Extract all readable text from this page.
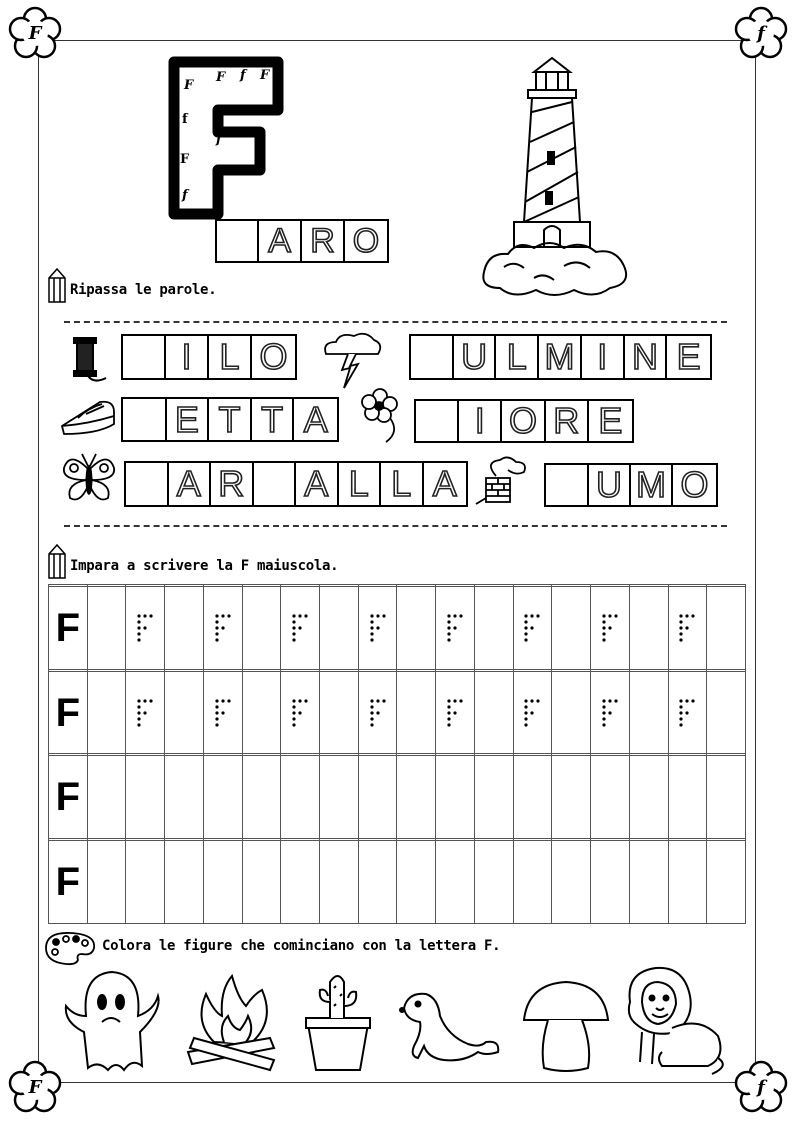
F	f
F	f
F f F
F
f
f
F
f
A R O
Ripassa le parole.
I L O	U L M I N E
E T T A	I O R E
A R A L L A	U M O
Impara a scrivere la F maiuscola.

F																	

F																	

F																	

F																	
Colora le figure che cominciano con la lettera F.
